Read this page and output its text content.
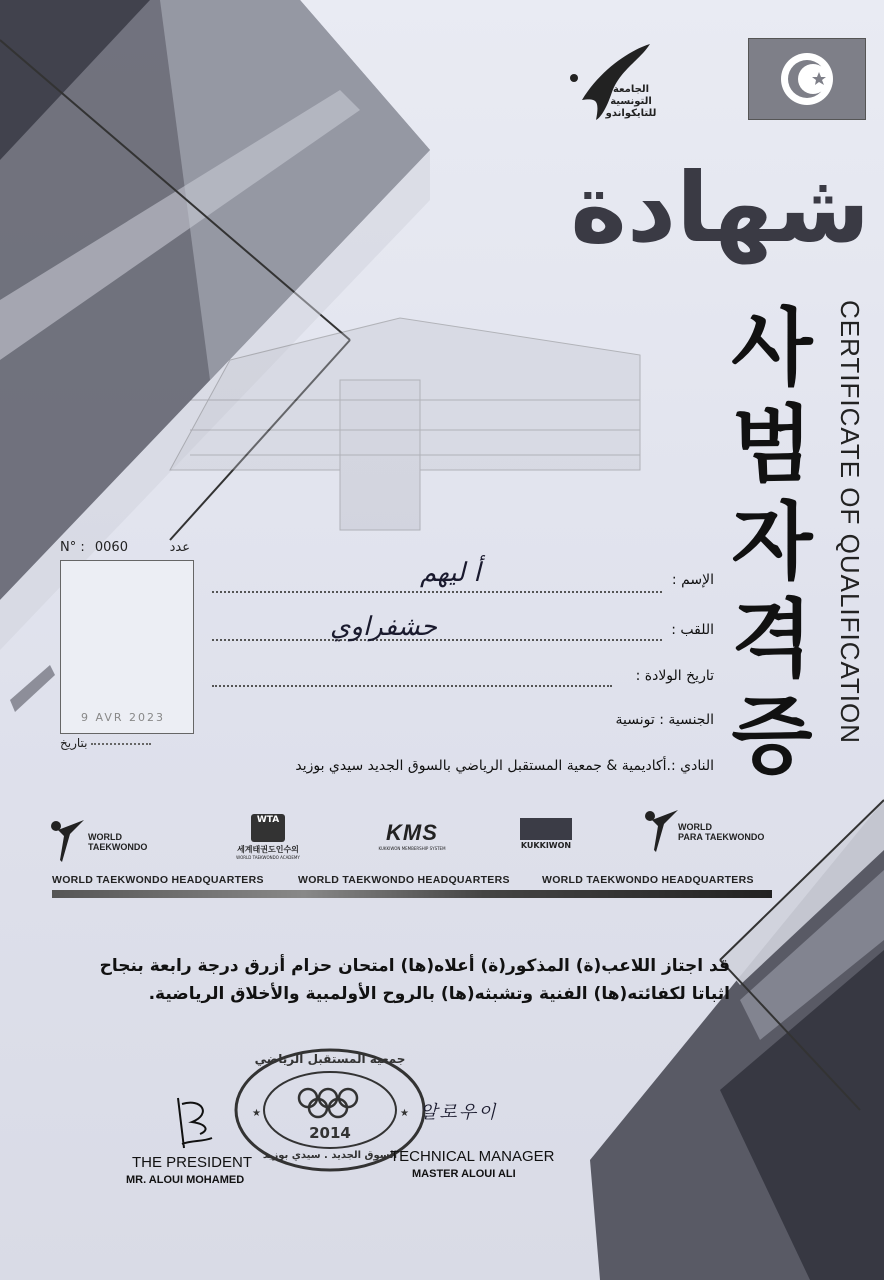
الجامعة
التونسية
للتايكواندو
شهادة
사
범
자
격
증 CERTIFICATE OF QUALIFICATION
N° : 0060	عدد
9 AVR 2023
بتاريخ
الإسم :
أ ليهم
اللقب :
حشفراوي
تاريخ الولادة :
الجنسية : تونسية
النادي :.أكاديمية & جمعية المستقبل الرياضي بالسوق الجديد سيدي بوزيد
WORLD
TAEKWONDO
WTA
세계태권도인수의
WORLD TAEKWONDO ACADEMY
KMS
KUKKIWON MEMBERSHIP SYSTEM	KUKKIWON
WORLD
PARA TAEKWONDO
WORLD TAEKWONDO HEADQUARTERS	WORLD TAEKWONDO HEADQUARTERS	WORLD TAEKWONDO HEADQUARTERS
قد اجتاز اللاعب(ة) المذكور(ة) أعلاه(ها) امتحان حزام أزرق درجة رابعة بنجاح
اثباتا لكفائته(ها) الفنية وتشبثه(ها) بالروح الأولمبية والأخلاق الرياضية.
★	★
جمعية المستقبل الرياضي
2014
السوق الجديد . سيدي بوزيد
THE PRESIDENT
MR. ALOUI MOHAMED
알로우이
TECHNICAL MANAGER
MASTER ALOUI ALI
